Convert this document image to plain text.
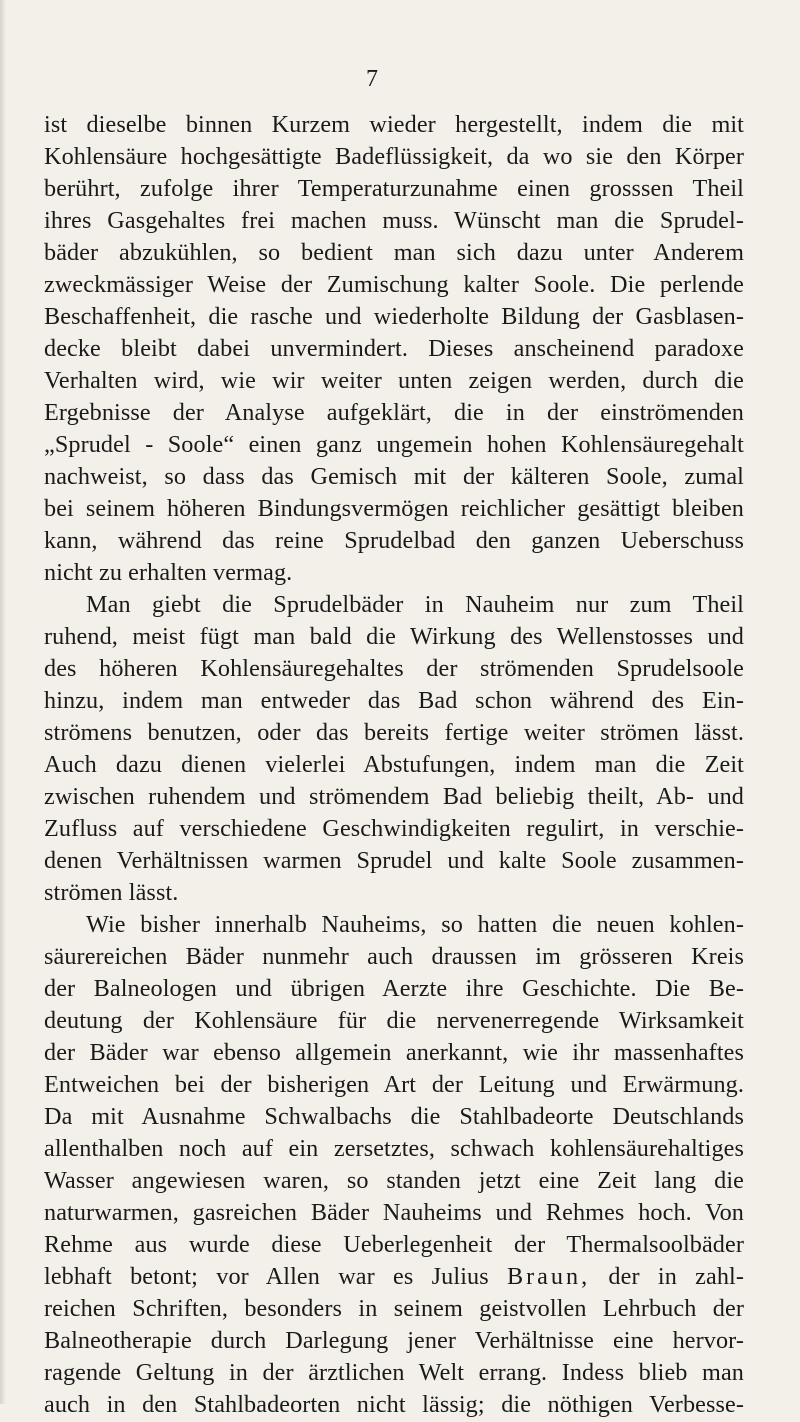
7
ist dieselbe binnen Kurzem wieder hergestellt, indem die mit
Kohlensäure hochgesättigte Badeflüssigkeit, da wo sie den Körper
berührt, zufolge ihrer Temperaturzunahme einen grosssen Theil
ihres Gasgehaltes frei machen muss. Wünscht man die Sprudel-
bäder abzukühlen, so bedient man sich dazu unter Anderem
zweckmässiger Weise der Zumischung kalter Soole. Die perlende
Beschaffenheit, die rasche und wiederholte Bildung der Gasblasen-
decke bleibt dabei unvermindert. Dieses anscheinend paradoxe
Verhalten wird, wie wir weiter unten zeigen werden, durch die
Ergebnisse der Analyse aufgeklärt, die in der einströmenden
„Sprudel - Soole“ einen ganz ungemein hohen Kohlensäuregehalt
nachweist, so dass das Gemisch mit der kälteren Soole, zumal
bei seinem höheren Bindungsvermögen reichlicher gesättigt bleiben
kann, während das reine Sprudelbad den ganzen Ueberschuss
nicht zu erhalten vermag.
Man giebt die Sprudelbäder in Nauheim nur zum Theil
ruhend, meist fügt man bald die Wirkung des Wellenstosses und
des höheren Kohlensäuregehaltes der strömenden Sprudelsoole
hinzu, indem man entweder das Bad schon während des Ein-
strömens benutzen, oder das bereits fertige weiter strömen lässt.
Auch dazu dienen vielerlei Abstufungen, indem man die Zeit
zwischen ruhendem und strömendem Bad beliebig theilt, Ab- und
Zufluss auf verschiedene Geschwindigkeiten regulirt, in verschie-
denen Verhältnissen warmen Sprudel und kalte Soole zusammen-
strömen lässt.
Wie bisher innerhalb Nauheims, so hatten die neuen kohlen-
säurereichen Bäder nunmehr auch draussen im grösseren Kreis
der Balneologen und übrigen Aerzte ihre Geschichte. Die Be-
deutung der Kohlensäure für die nervenerregende Wirksamkeit
der Bäder war ebenso allgemein anerkannt, wie ihr massenhaftes
Entweichen bei der bisherigen Art der Leitung und Erwärmung.
Da mit Ausnahme Schwalbachs die Stahlbadeorte Deutschlands
allenthalben noch auf ein zersetztes, schwach kohlensäurehaltiges
Wasser angewiesen waren, so standen jetzt eine Zeit lang die
naturwarmen, gasreichen Bäder Nauheims und Rehmes hoch. Von
Rehme aus wurde diese Ueberlegenheit der Thermalsoolbäder
lebhaft betont; vor Allen war es Julius Braun, der in zahl-
reichen Schriften, besonders in seinem geistvollen Lehrbuch der
Balneotherapie durch Darlegung jener Verhältnisse eine hervor-
ragende Geltung in der ärztlichen Welt errang. Indess blieb man
auch in den Stahlbadeorten nicht lässig; die nöthigen Verbesse-
